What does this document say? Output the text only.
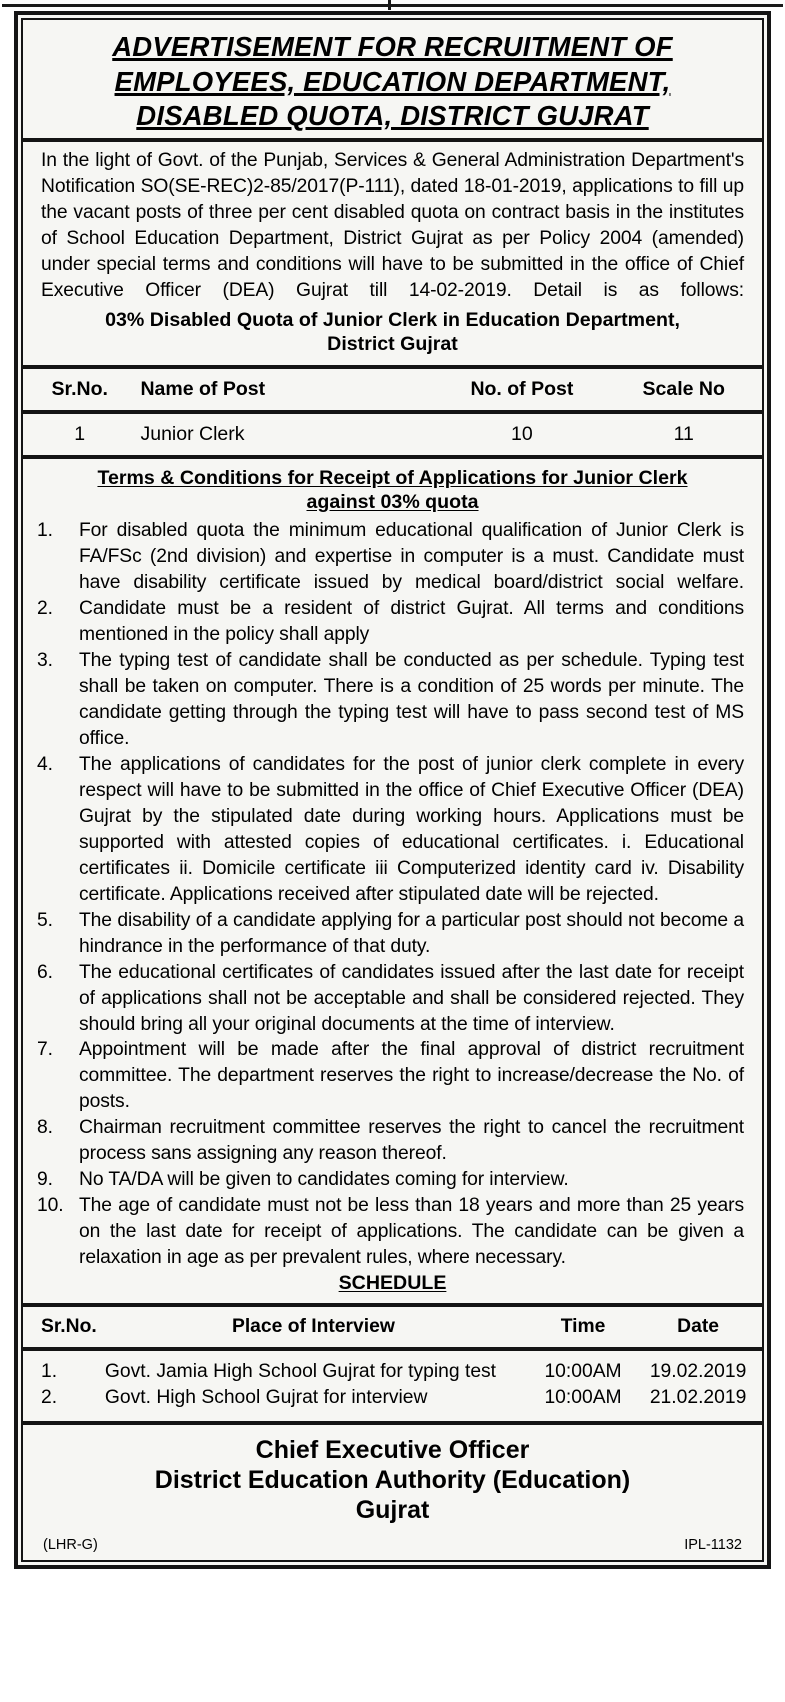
ADVERTISEMENT FOR RECRUITMENT OF
EMPLOYEES, EDUCATION DEPARTMENT,
DISABLED QUOTA, DISTRICT GUJRAT
In the light of Govt. of the Punjab, Services & General Administration Department's Notification SO(SE-REC)2-85/2017(P-111), dated 18-01-2019, applications to fill up the vacant posts of three per cent disabled quota on contract basis in the institutes of School Education Department, District Gujrat as per Policy 2004 (amended) under special terms and conditions will have to be submitted in the office of Chief Executive Officer (DEA) Gujrat till 14-02-2019. Detail is as follows:
03% Disabled Quota of Junior Clerk in Education Department,
District Gujrat
Sr.No.	Name of Post	No. of Post	Scale No
1	Junior Clerk	10	11
Terms & Conditions for Receipt of Applications for Junior Clerk
against 03% quota
1.	For disabled quota the minimum educational qualification of Junior Clerk is FA/FSc (2nd division) and expertise in computer is a must. Candidate must have disability certificate issued by medical board/district social welfare.
2.	Candidate must be a resident of district Gujrat. All terms and conditions mentioned in the policy shall apply
3.	The typing test of candidate shall be conducted as per schedule. Typing test shall be taken on computer. There is a condition of 25 words per minute. The candidate getting through the typing test will have to pass second test of MS office.
4.	The applications of candidates for the post of junior clerk complete in every respect will have to be submitted in the office of Chief Executive Officer (DEA) Gujrat by the stipulated date during working hours. Applications must be supported with attested copies of educational certificates. i. Educational certificates ii. Domicile certificate iii Computerized identity card iv. Disability certificate. Applications received after stipulated date will be rejected.
5.	The disability of a candidate applying for a particular post should not become a hindrance in the performance of that duty.
6.	The educational certificates of candidates issued after the last date for receipt of applications shall not be acceptable and shall be considered rejected. They should bring all your original documents at the time of interview.
7.	Appointment will be made after the final approval of district recruitment committee. The department reserves the right to increase/decrease the No. of posts.
8.	Chairman recruitment committee reserves the right to cancel the recruitment process sans assigning any reason thereof.
9.	No TA/DA will be given to candidates coming for interview.
10. The age of candidate must not be less than 18 years and more than 25 years on the last date for receipt of applications. The candidate can be given a relaxation in age as per prevalent rules, where necessary.
SCHEDULE
Sr.No.	Place of Interview	Time	Date
1.	Govt. Jamia High School Gujrat for typing test	10:00AM	19.02.2019
2.	Govt. High School Gujrat for interview	10:00AM	21.02.2019
Chief Executive Officer
District Education Authority (Education)
Gujrat
(LHR-G)	IPL-1132
